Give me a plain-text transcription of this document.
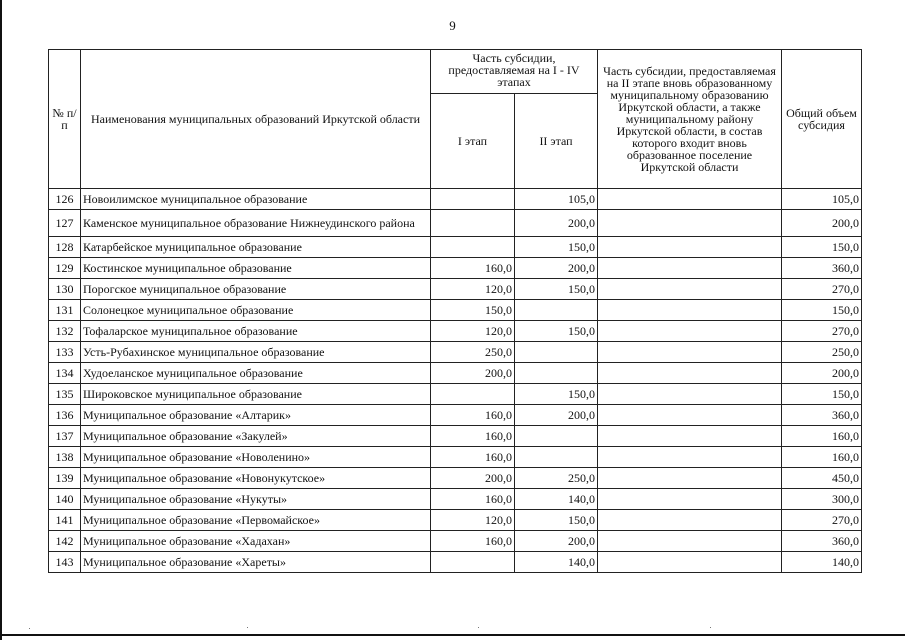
9
№ п/п	Наименования муниципальных образований Иркутской области	Часть субсидии, предоставляемая на I - IV этапах		Часть субсидии, предоставляемая на II этапе вновь образованному муниципальному образованию Иркутской области, а также муниципальному району Иркутской области, в состав которого входит вновь образованное поселение Иркутской области	Общий объем субсидия
		I этап	II этап		
126	Новоилимское муниципальное образование		105,0		105,0
127	Каменское муниципальное образование Нижнеудинского района		200,0		200,0
128	Катарбейское муниципальное образование		150,0		150,0
129	Костинское муниципальное образование	160,0	200,0		360,0
130	Порогское муниципальное образование	120,0	150,0		270,0
131	Солонецкое муниципальное образование	150,0			150,0
132	Тофаларское муниципальное образование	120,0	150,0		270,0
133	Усть-Рубахинское муниципальное образование	250,0			250,0
134	Худоеланское муниципальное образование	200,0			200,0
135	Широковское муниципальное образование		150,0		150,0
136	Муниципальное образование «Алтарик»	160,0	200,0		360,0
137	Муниципальное образование «Закулей»	160,0			160,0
138	Муниципальное образование «Новоленино»	160,0			160,0
139	Муниципальное образование «Новонукутское»	200,0	250,0		450,0
140	Муниципальное образование «Нукуты»	160,0	140,0		300,0
141	Муниципальное образование «Первомайское»	120,0	150,0		270,0
142	Муниципальное образование «Хадахан»	160,0	200,0		360,0
143	Муниципальное образование «Хареты»		140,0		140,0
